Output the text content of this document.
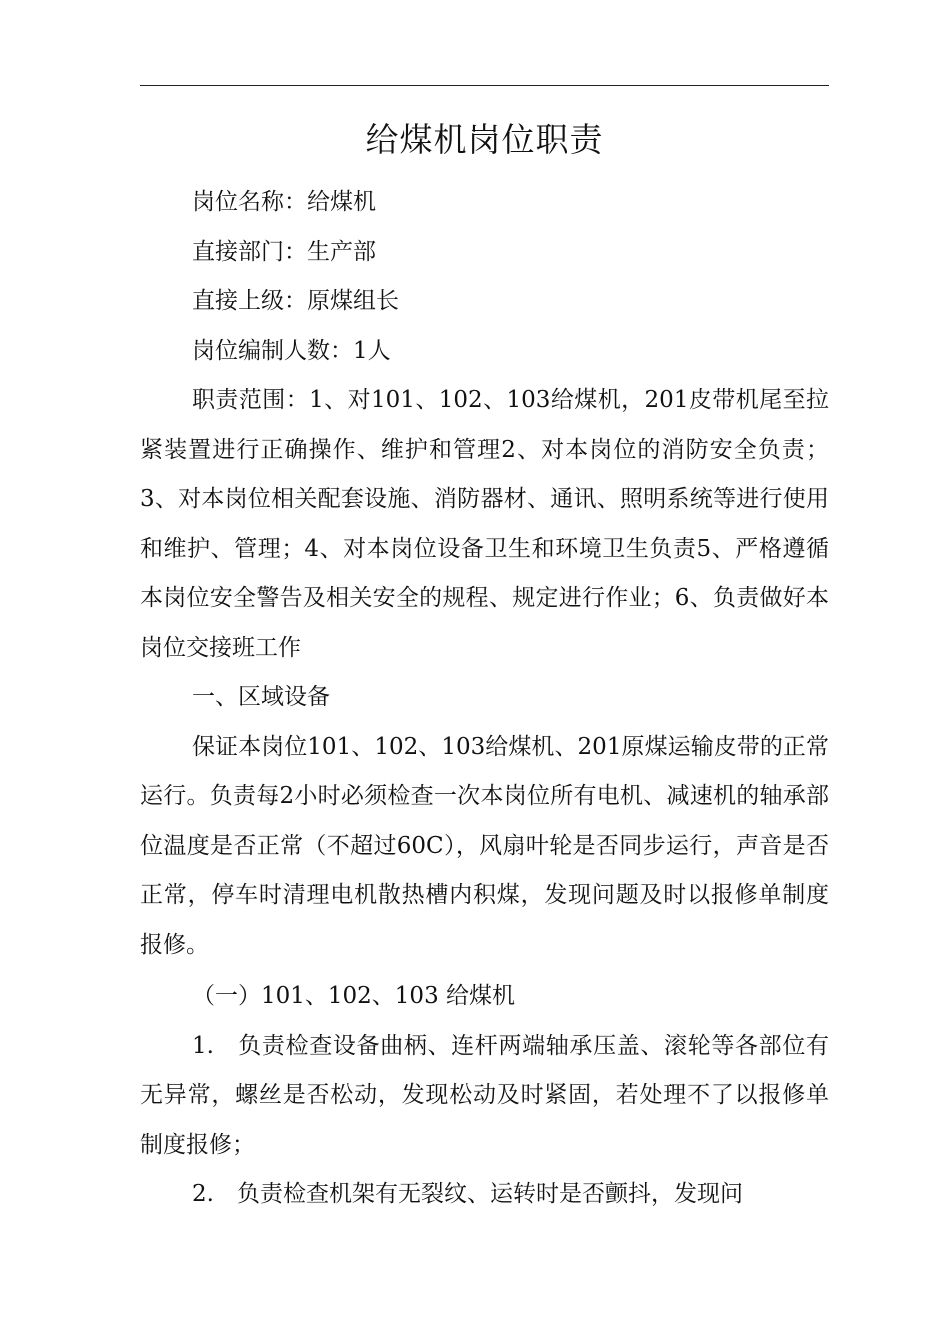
给煤机岗位职责

岗位名称：给煤机

直接部门：生产部

直接上级：原煤组长

岗位编制人数：1人

职责范围：1、对101、102、103给煤机，201皮带机尾至拉紧装置进行正确操作、维护和管理2、对本岗位的消防安全负责；3、对本岗位相关配套设施、消防器材、通讯、照明系统等进行使用和维护、管理；4、对本岗位设备卫生和环境卫生负责5、严格遵循本岗位安全警告及相关安全的规程、规定进行作业；6、负责做好本岗位交接班工作

一、区域设备

保证本岗位101、102、103给煤机、201原煤运输皮带的正常运行。负责每2小时必须检查一次本岗位所有电机、减速机的轴承部位温度是否正常（不超过60C），风扇叶轮是否同步运行，声音是否正常，停车时清理电机散热槽内积煤，发现问题及时以报修单制度报修。

（一）101、102、103 给煤机

1.　负责检查设备曲柄、连杆两端轴承压盖、滚轮等各部位有无异常，螺丝是否松动，发现松动及时紧固，若处理不了以报修单制度报修；

2.　负责检查机架有无裂纹、运转时是否颤抖，发现问
